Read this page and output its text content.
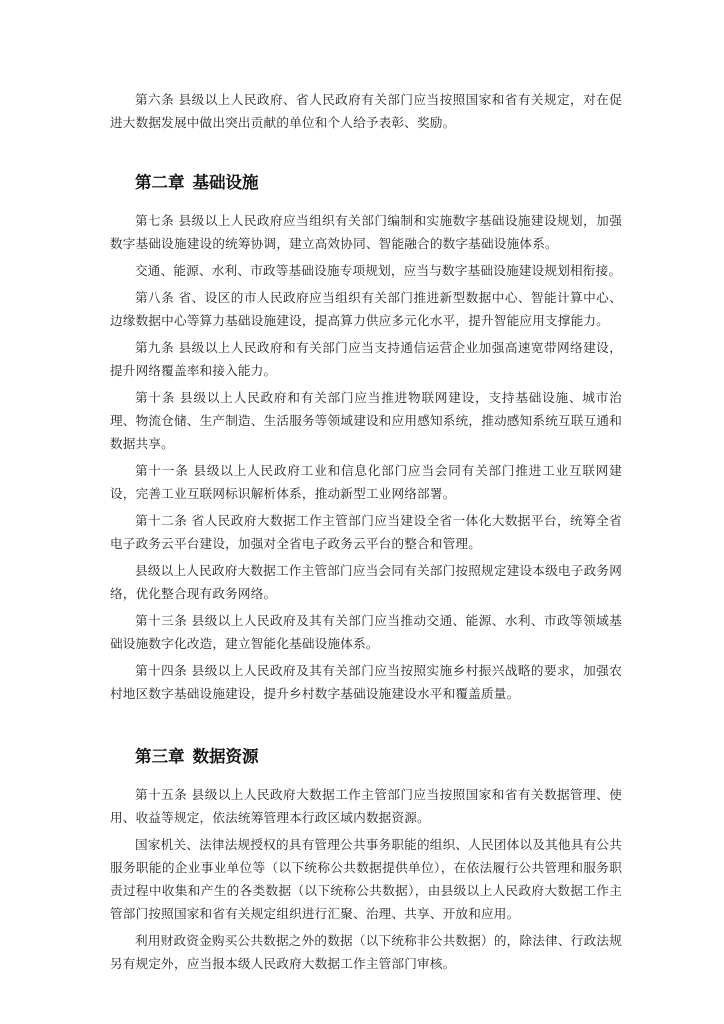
第六条 县级以上人民政府、省人民政府有关部门应当按照国家和省有关规定，对在促进大数据发展中做出突出贡献的单位和个人给予表彰、奖励。

第二章 基础设施

第七条 县级以上人民政府应当组织有关部门编制和实施数字基础设施建设规划，加强数字基础设施建设的统筹协调，建立高效协同、智能融合的数字基础设施体系。

交通、能源、水利、市政等基础设施专项规划，应当与数字基础设施建设规划相衔接。

第八条 省、设区的市人民政府应当组织有关部门推进新型数据中心、智能计算中心、边缘数据中心等算力基础设施建设，提高算力供应多元化水平，提升智能应用支撑能力。

第九条 县级以上人民政府和有关部门应当支持通信运营企业加强高速宽带网络建设，提升网络覆盖率和接入能力。

第十条 县级以上人民政府和有关部门应当推进物联网建设，支持基础设施、城市治理、物流仓储、生产制造、生活服务等领域建设和应用感知系统，推动感知系统互联互通和数据共享。

第十一条 县级以上人民政府工业和信息化部门应当会同有关部门推进工业互联网建设，完善工业互联网标识解析体系，推动新型工业网络部署。

第十二条 省人民政府大数据工作主管部门应当建设全省一体化大数据平台，统筹全省电子政务云平台建设，加强对全省电子政务云平台的整合和管理。

县级以上人民政府大数据工作主管部门应当会同有关部门按照规定建设本级电子政务网络，优化整合现有政务网络。

第十三条 县级以上人民政府及其有关部门应当推动交通、能源、水利、市政等领域基础设施数字化改造，建立智能化基础设施体系。

第十四条 县级以上人民政府及其有关部门应当按照实施乡村振兴战略的要求，加强农村地区数字基础设施建设，提升乡村数字基础设施建设水平和覆盖质量。

第三章 数据资源

第十五条 县级以上人民政府大数据工作主管部门应当按照国家和省有关数据管理、使用、收益等规定，依法统筹管理本行政区域内数据资源。

国家机关、法律法规授权的具有管理公共事务职能的组织、人民团体以及其他具有公共服务职能的企业事业单位等（以下统称公共数据提供单位），在依法履行公共管理和服务职责过程中收集和产生的各类数据（以下统称公共数据），由县级以上人民政府大数据工作主管部门按照国家和省有关规定组织进行汇聚、治理、共享、开放和应用。

利用财政资金购买公共数据之外的数据（以下统称非公共数据）的，除法律、行政法规另有规定外，应当报本级人民政府大数据工作主管部门审核。
